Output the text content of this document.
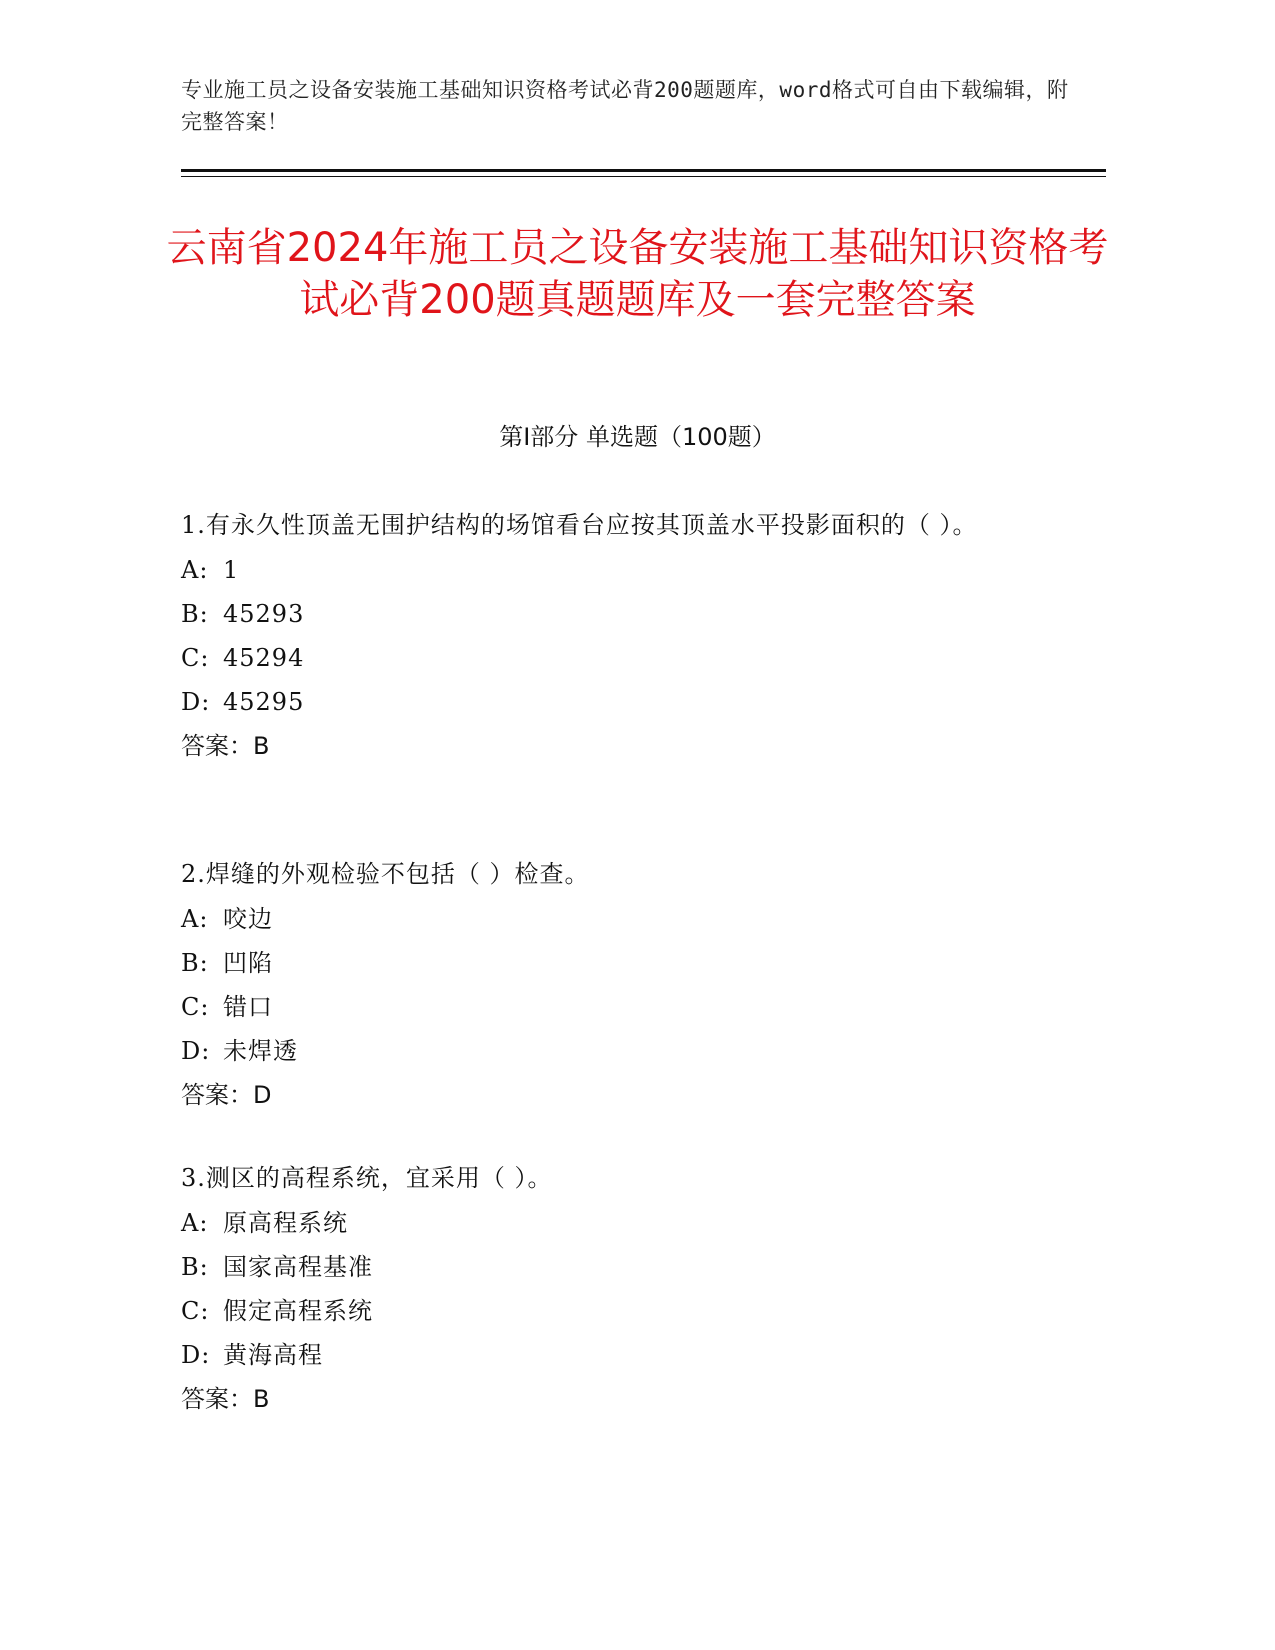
专业施工员之设备安装施工基础知识资格考试必背200题题库，word格式可自由下载编辑，附完整答案！
云南省2024年施工员之设备安装施工基础知识资格考试必背200题真题题库及一套完整答案
第Ⅰ部分 单选题（100题）

1.有永久性顶盖无围护结构的场馆看台应按其顶盖水平投影面积的（ ）。

A: 1
B: 45293
C: 45294
D: 45295
答案：B

2.焊缝的外观检验不包括（ ）检查。

A: 咬边
B: 凹陷
C: 错口
D: 未焊透
答案：D

3.测区的高程系统，宜采用（ ）。

A: 原高程系统
B: 国家高程基准
C: 假定高程系统
D: 黄海高程
答案：B
